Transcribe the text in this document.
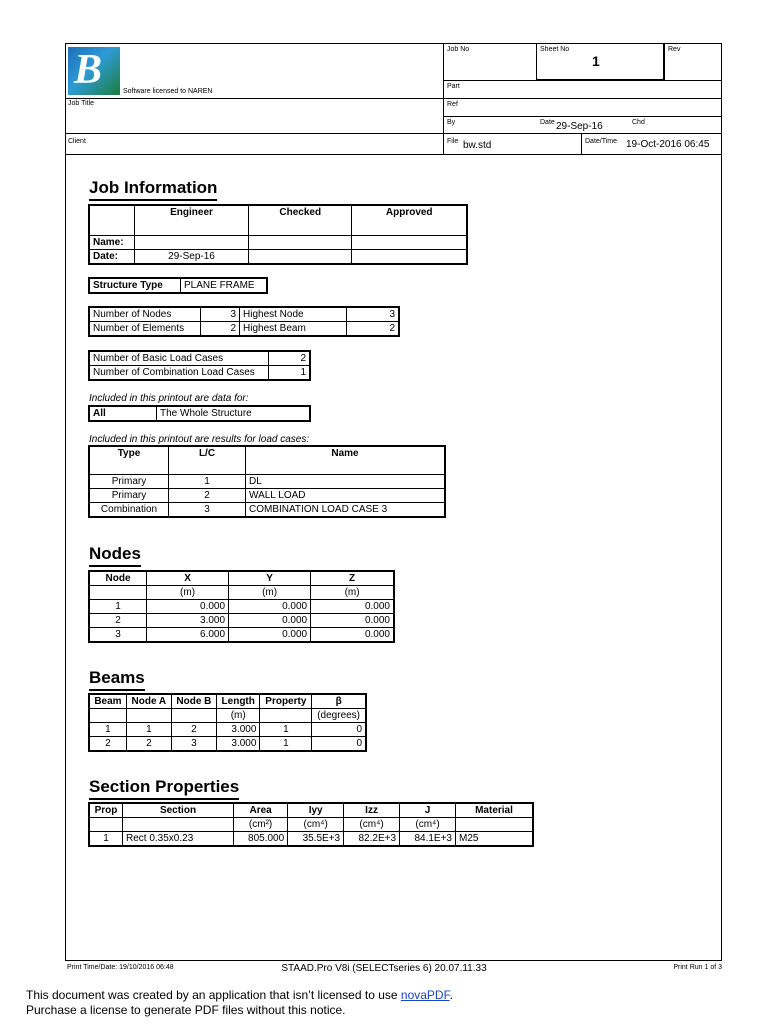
B	Software licensed to NAREN
Job Title
Client
Job No	Sheet No
1
Rev
Part
Ref
By	Date 29-Sep-16	Chd
File bw.std	Date/Time 19-Oct-2016 06:45
Job Information
	Engineer	Checked	Approved
Name:			
Date:	29-Sep-16		
Structure Type	PLANE FRAME
Number of Nodes	3	Highest Node	3
Number of Elements	2	Highest Beam	2
Number of Basic Load Cases	2
Number of Combination Load Cases	1
Included in this printout are data for:
All	The Whole Structure
Included in this printout are results for load cases:
Type	L/C	Name
Primary	1	DL
Primary	2	WALL LOAD
Combination	3	COMBINATION LOAD CASE 3
Nodes
Node	X	Y	Z
	(m)	(m)	(m)
1	0.000	0.000	0.000
2	3.000	0.000	0.000
3	6.000	0.000	0.000
Beams
Beam	Node A	Node B	Length	Property	β
			(m)		(degrees)
1	1	2	3.000	1	0
2	2	3	3.000	1	0
Section Properties
Prop	Section	Area	Iyy	Izz	J	Material
		(cm²)	(cm⁴)	(cm⁴)	(cm⁴)	
1	Rect 0.35x0.23	805.000	35.5E+3	82.2E+3	84.1E+3	M25
Print Time/Date: 19/10/2016 06:48	STAAD.Pro V8i (SELECTseries 6) 20.07.11.33	Print Run 1 of 3
This document was created by an application that isn’t licensed to use novaPDF.
Purchase a license to generate PDF files without this notice.
